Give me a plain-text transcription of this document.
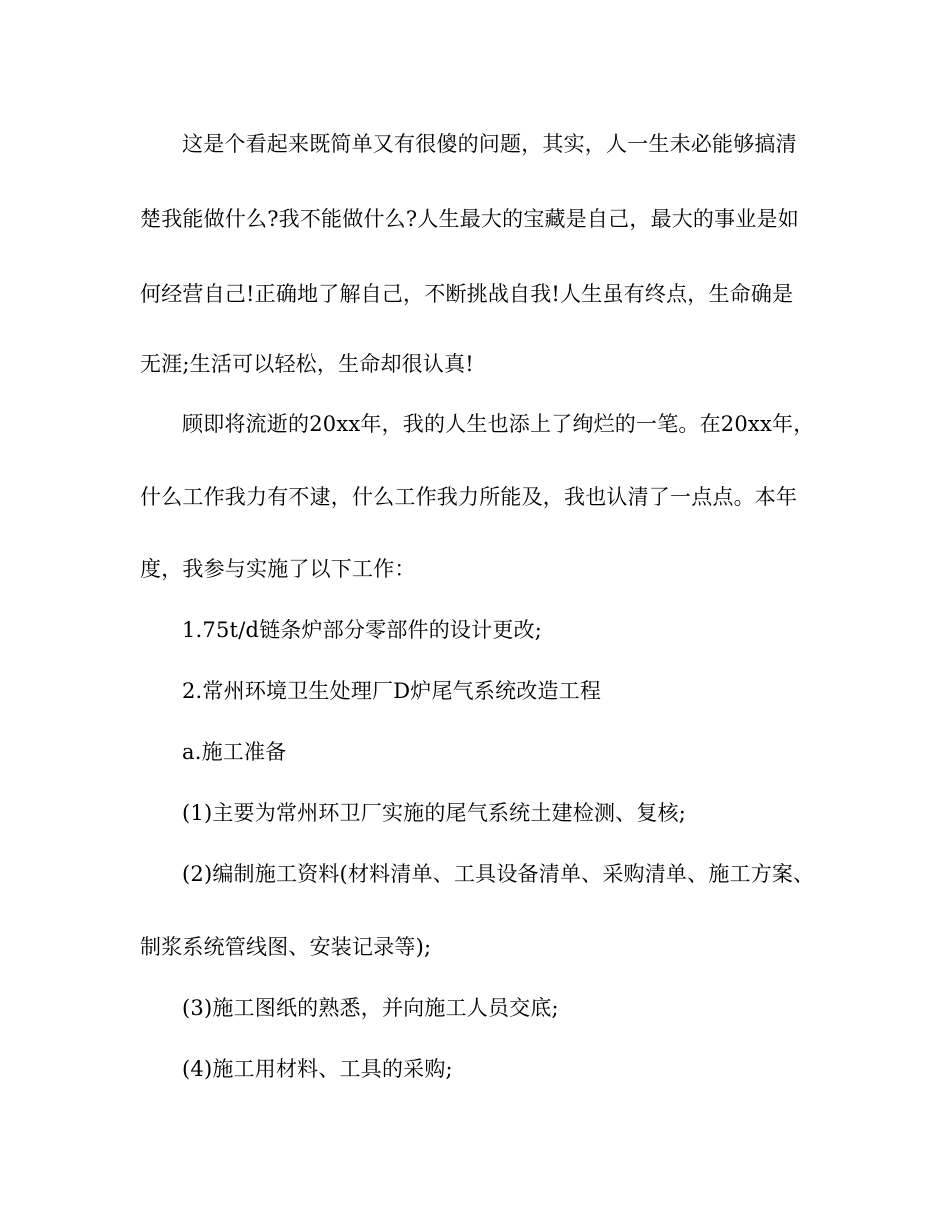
这是个看起来既简单又有很傻的问题，其实，人一生未必能够搞清
楚我能做什么?我不能做什么?人生最大的宝藏是自己，最大的事业是如
何经营自己!正确地了解自己，不断挑战自我!人生虽有终点，生命确是
无涯;生活可以轻松，生命却很认真!
顾即将流逝的20xx年，我的人生也添上了绚烂的一笔。在20xx年，
什么工作我力有不逮，什么工作我力所能及，我也认清了一点点。本年
度，我参与实施了以下工作：
1.75t/d链条炉部分零部件的设计更改;
2.常州环境卫生处理厂D炉尾气系统改造工程
a.施工准备
(1)主要为常州环卫厂实施的尾气系统土建检测、复核;
(2)编制施工资料(材料清单、工具设备清单、采购清单、施工方案、
制浆系统管线图、安装记录等);
(3)施工图纸的熟悉，并向施工人员交底;
(4)施工用材料、工具的采购;
